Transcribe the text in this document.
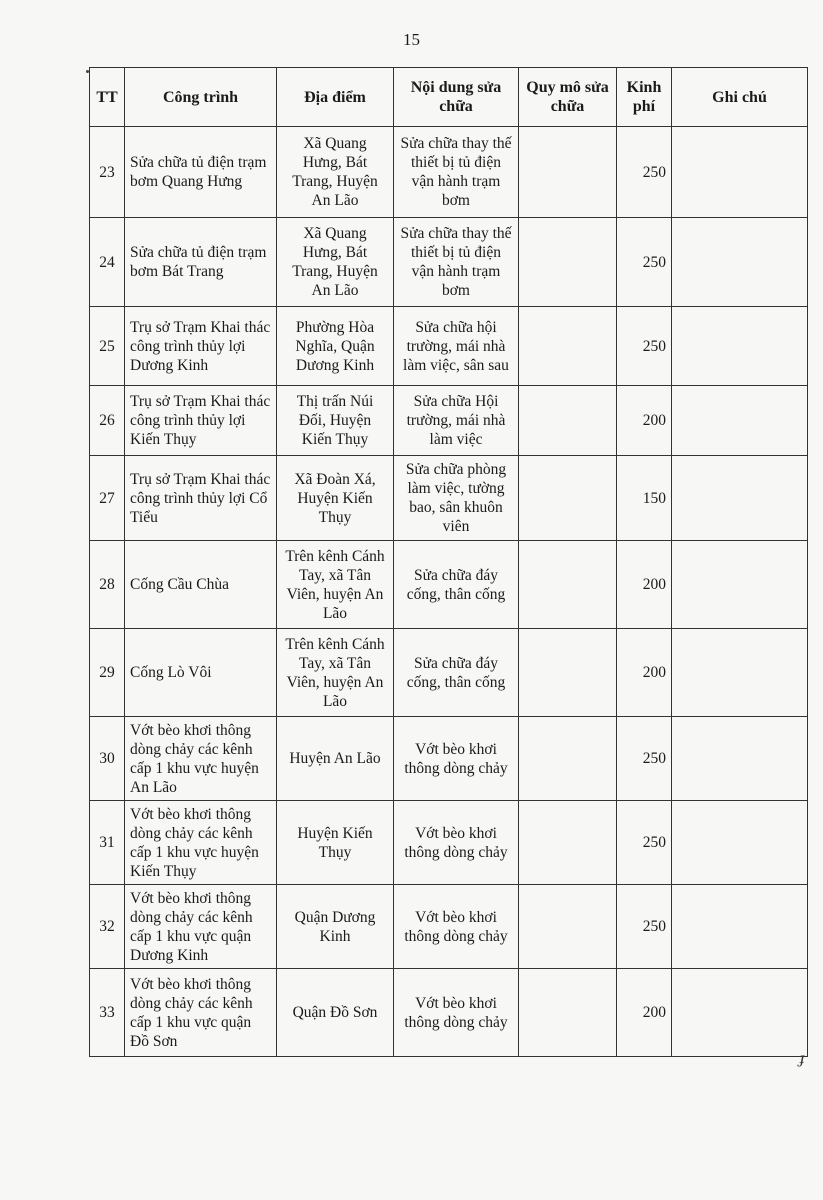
15
TT	Công trình	Địa điểm	Nội dung sửa chữa	Quy mô sửa chữa	Kinh phí	Ghi chú
23	Sửa chữa tủ điện trạm bơm Quang Hưng	Xã Quang Hưng, Bát Trang, Huyện An Lão	Sửa chữa thay thế thiết bị tủ điện vận hành trạm bơm		250	
24	Sửa chữa tủ điện trạm bơm Bát Trang	Xã Quang Hưng, Bát Trang, Huyện An Lão	Sửa chữa thay thế thiết bị tủ điện vận hành trạm bơm		250	
25	Trụ sở Trạm Khai thác công trình thủy lợi Dương Kinh	Phường Hòa Nghĩa, Quận Dương Kinh	Sửa chữa hội trường, mái nhà làm việc, sân sau		250	
26	Trụ sở Trạm Khai thác công trình thủy lợi Kiến Thụy	Thị trấn Núi Đối, Huyện Kiến Thụy	Sửa chữa Hội trường, mái nhà làm việc		200	
27	Trụ sở Trạm Khai thác công trình thủy lợi Cổ Tiểu	Xã Đoàn Xá, Huyện Kiến Thụy	Sửa chữa phòng làm việc, tường bao, sân khuôn viên		150	
28	Cống Cầu Chùa	Trên kênh Cánh Tay, xã Tân Viên, huyện An Lão	Sửa chữa đáy cống, thân cống		200	
29	Cống Lò Vôi	Trên kênh Cánh Tay, xã Tân Viên, huyện An Lão	Sửa chữa đáy cống, thân cống		200	
30	Vớt bèo khơi thông dòng chảy các kênh cấp 1 khu vực huyện An Lão	Huyện An Lão	Vớt bèo khơi thông dòng chảy		250	
31	Vớt bèo khơi thông dòng chảy các kênh cấp 1 khu vực huyện Kiến Thụy	Huyện Kiến Thụy	Vớt bèo khơi thông dòng chảy		250	
32	Vớt bèo khơi thông dòng chảy các kênh cấp 1 khu vực quận Dương Kinh	Quận Dương Kinh	Vớt bèo khơi thông dòng chảy		250	
33	Vớt bèo khơi thông dòng chảy các kênh cấp 1 khu vực quận Đồ Sơn	Quận Đồ Sơn	Vớt bèo khơi thông dòng chảy		200	
ɟ
